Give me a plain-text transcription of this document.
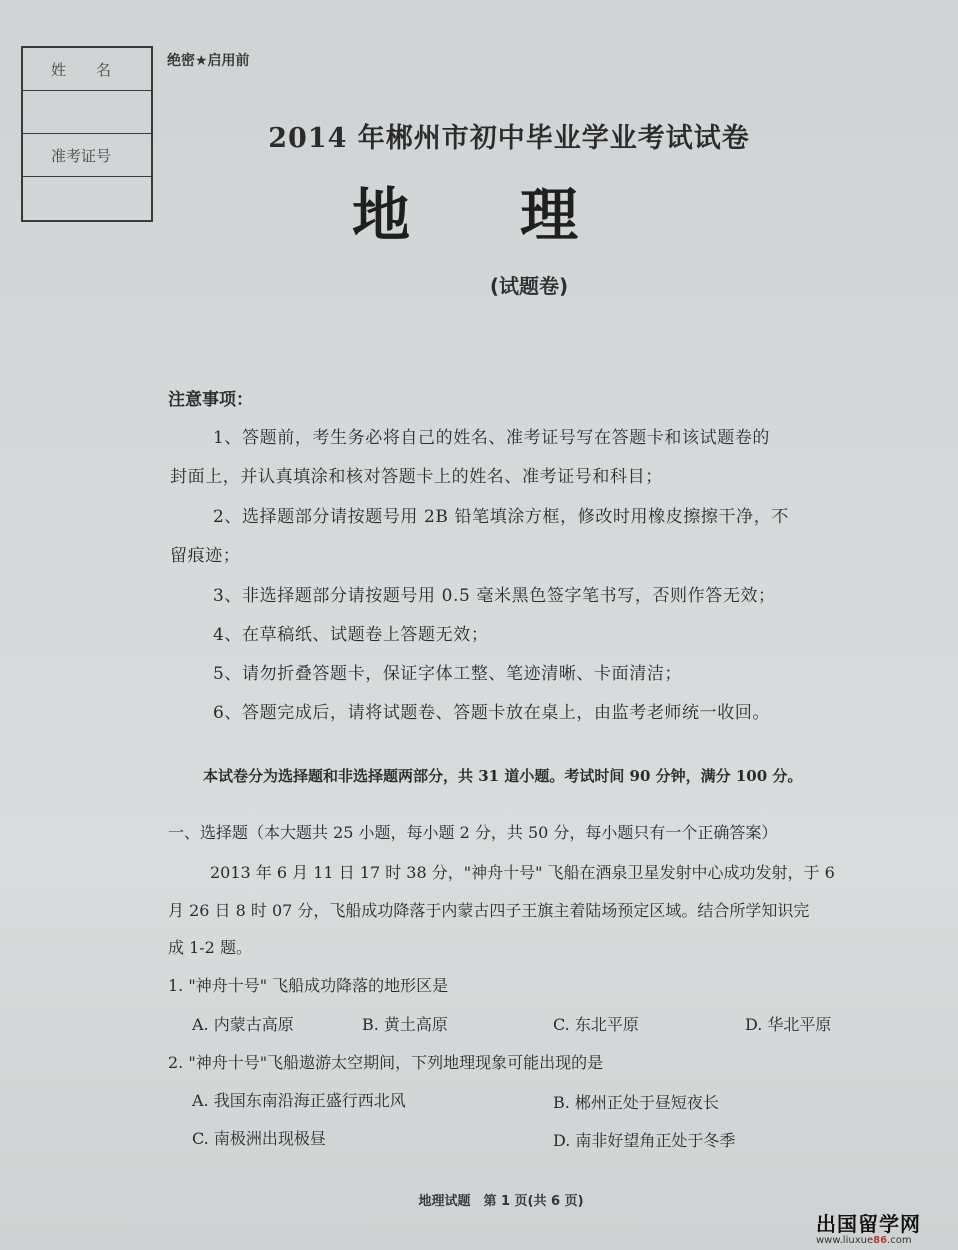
姓名
准考证号
绝密★启用前
2014 年郴州市初中毕业学业考试试卷
地理
(试题卷)
注意事项：
1、答题前，考生务必将自己的姓名、准考证号写在答题卡和该试题卷的
封面上，并认真填涂和核对答题卡上的姓名、准考证号和科目；
2、选择题部分请按题号用 2B 铅笔填涂方框，修改时用橡皮擦擦干净，不
留痕迹；
3、非选择题部分请按题号用 0.5 毫米黑色签字笔书写，否则作答无效；
4、在草稿纸、试题卷上答题无效；
5、请勿折叠答题卡，保证字体工整、笔迹清晰、卡面清洁；
6、答题完成后，请将试题卷、答题卡放在桌上，由监考老师统一收回。
本试卷分为选择题和非选择题两部分，共 31 道小题。考试时间 90 分钟，满分 100 分。
一、选择题（本大题共 25 小题，每小题 2 分，共 50 分，每小题只有一个正确答案）
2013 年 6 月 11 日 17 时 38 分，"神舟十号" 飞船在酒泉卫星发射中心成功发射，于 6
月 26 日 8 时 07 分，飞船成功降落于内蒙古四子王旗主着陆场预定区域。结合所学知识完
成 1-2 题。
1. "神舟十号" 飞船成功降落的地形区是
A. 内蒙古高原	B. 黄土高原	C. 东北平原	D. 华北平原
2. "神舟十号"飞船遨游太空期间，下列地理现象可能出现的是
A. 我国东南沿海正盛行西北风	B. 郴州正处于昼短夜长
C. 南极洲出现极昼	D. 南非好望角正处于冬季
地理试题　第 1 页(共 6 页)
出国留学网
www.liuxue86.com
